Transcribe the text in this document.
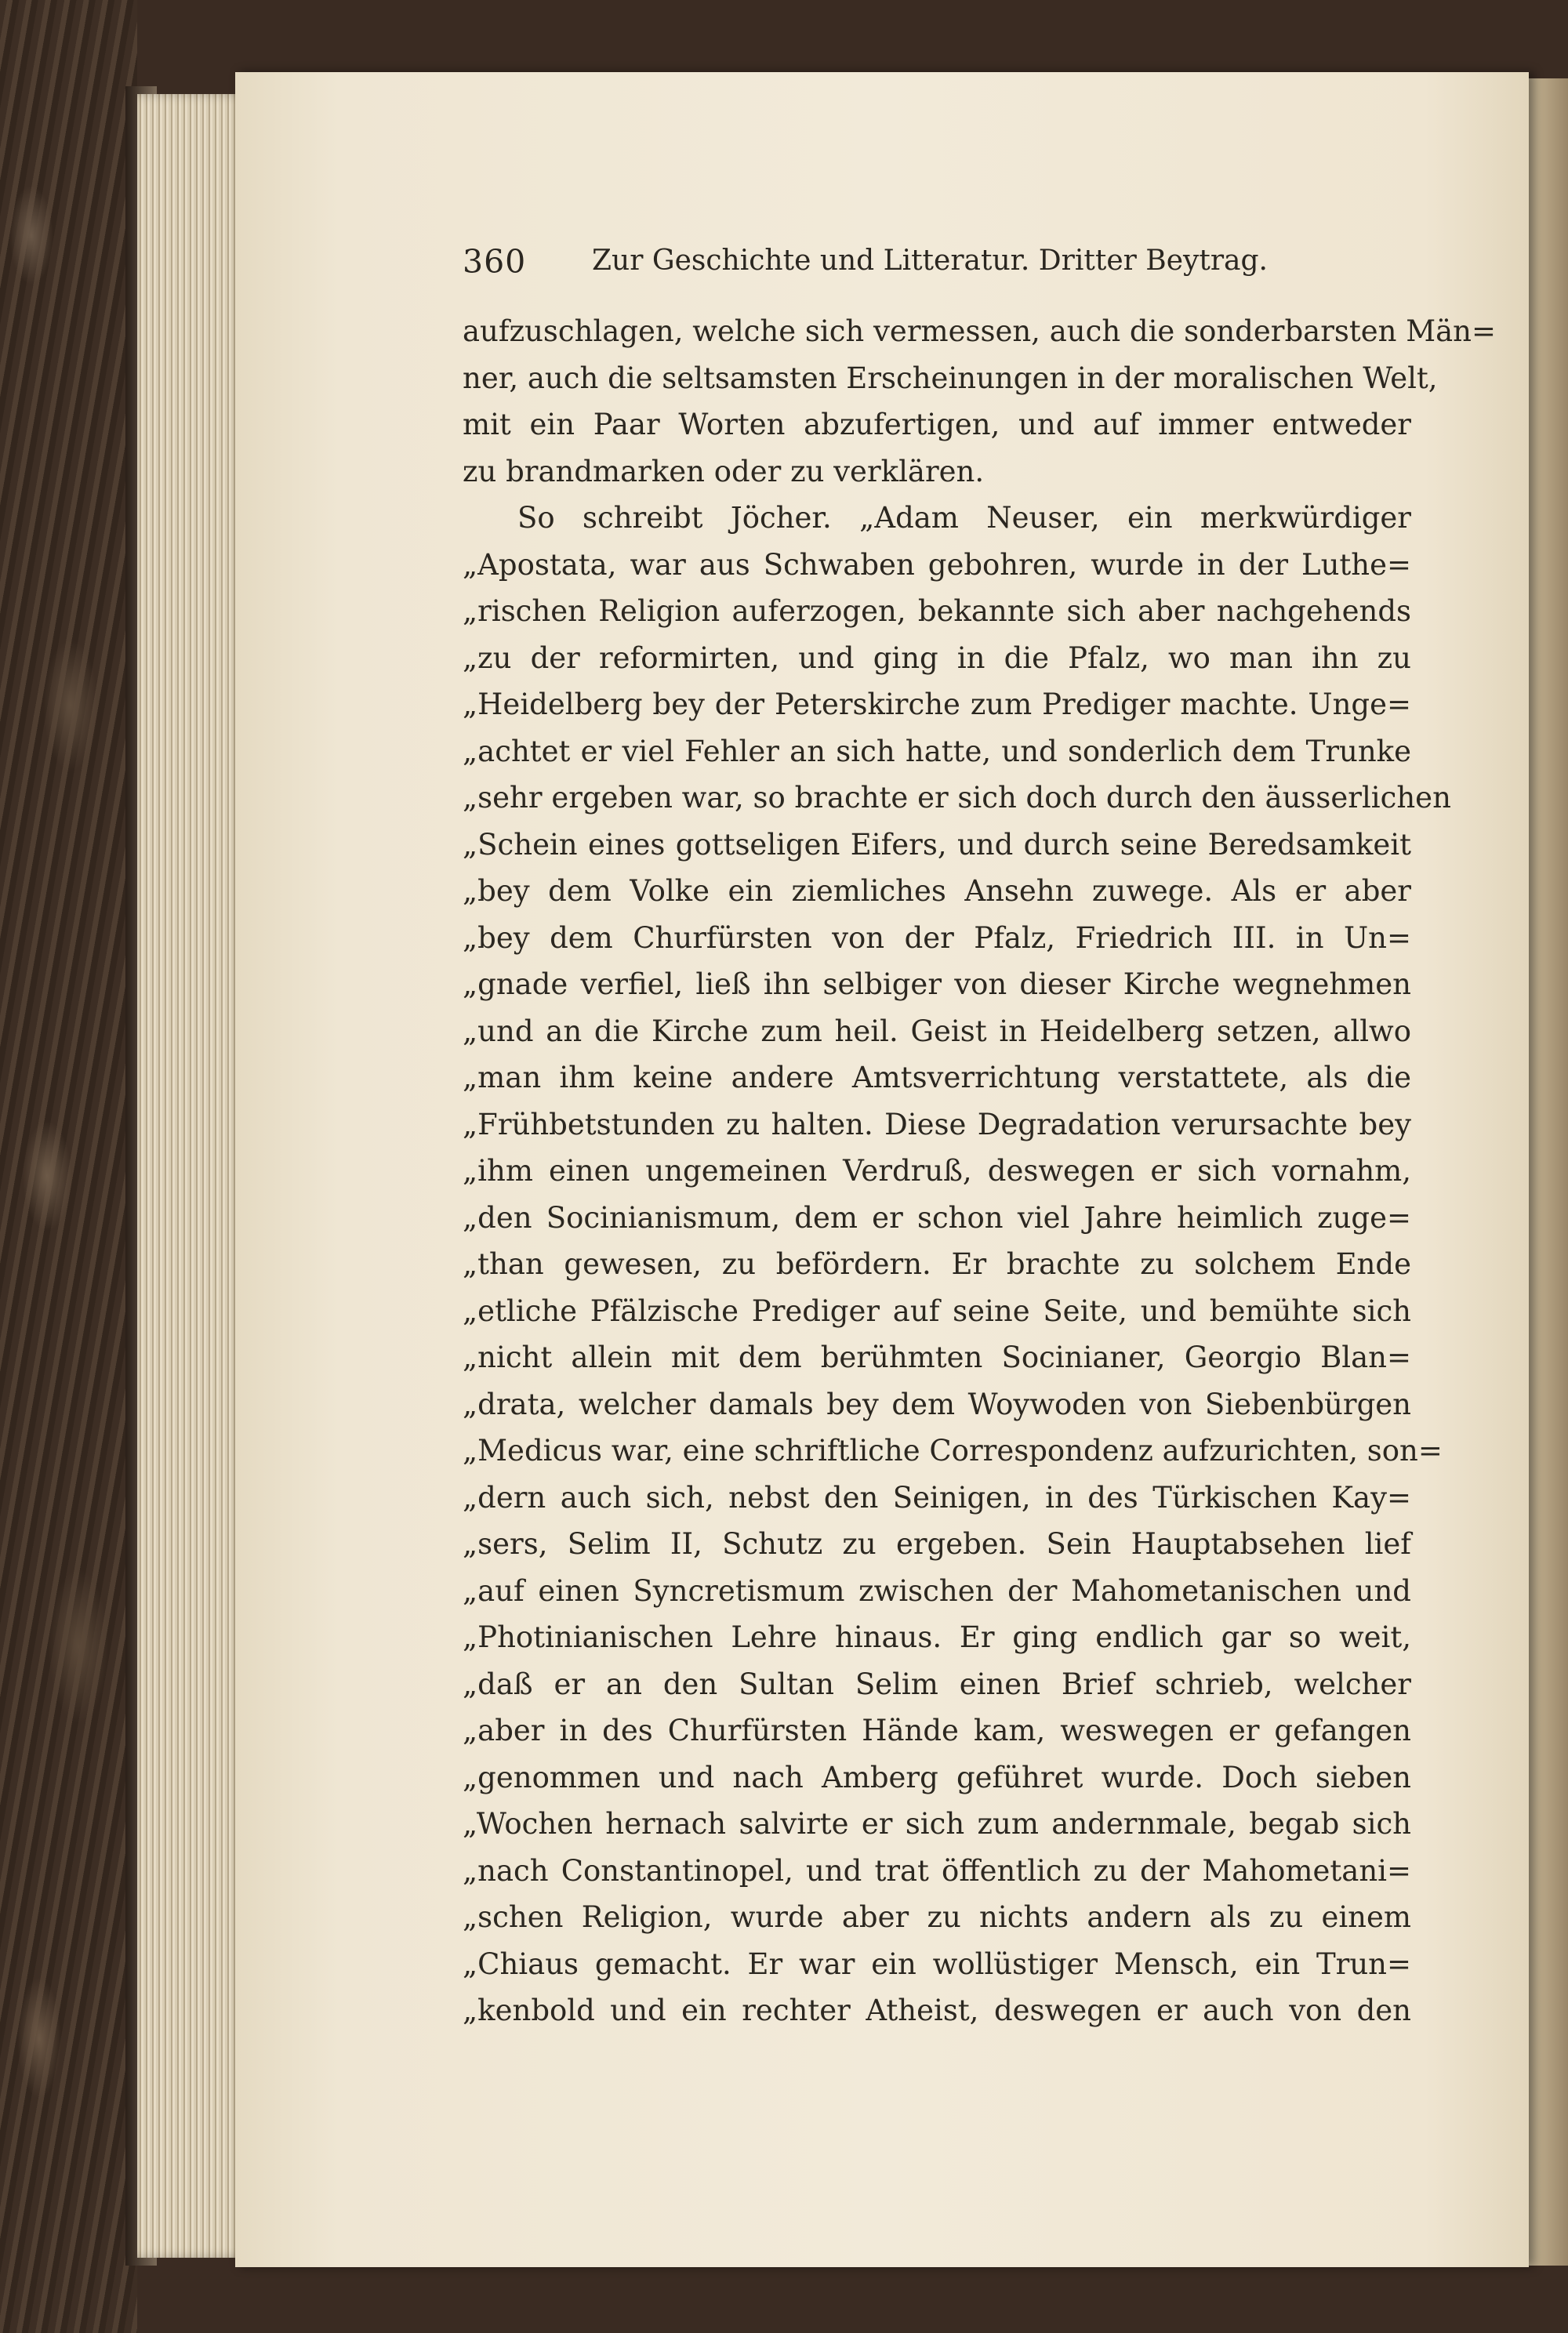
360 Zur Geschichte und Litteratur. Dritter Beytrag.
aufzuschlagen, welche sich vermessen, auch die sonderbarsten Män=
ner, auch die seltsamsten Erscheinungen in der moralischen Welt,
mit ein Paar Worten abzufertigen, und auf immer entweder
zu brandmarken oder zu verklären.
So schreibt Jöcher. „Adam Neuser, ein merkwürdiger
„Apostata, war aus Schwaben gebohren, wurde in der Luthe=
„rischen Religion auferzogen, bekannte sich aber nachgehends
„zu der reformirten, und ging in die Pfalz, wo man ihn zu
„Heidelberg bey der Peterskirche zum Prediger machte. Unge=
„achtet er viel Fehler an sich hatte, und sonderlich dem Trunke
„sehr ergeben war, so brachte er sich doch durch den äusserlichen
„Schein eines gottseligen Eifers, und durch seine Beredsamkeit
„bey dem Volke ein ziemliches Ansehn zuwege. Als er aber
„bey dem Churfürsten von der Pfalz, Friedrich III. in Un=
„gnade verfiel, ließ ihn selbiger von dieser Kirche wegnehmen
„und an die Kirche zum heil. Geist in Heidelberg setzen, allwo
„man ihm keine andere Amtsverrichtung verstattete, als die
„Frühbetstunden zu halten. Diese Degradation verursachte bey
„ihm einen ungemeinen Verdruß, deswegen er sich vornahm,
„den Socinianismum, dem er schon viel Jahre heimlich zuge=
„than gewesen, zu befördern. Er brachte zu solchem Ende
„etliche Pfälzische Prediger auf seine Seite, und bemühte sich
„nicht allein mit dem berühmten Socinianer, Georgio Blan=
„drata, welcher damals bey dem Woywoden von Siebenbürgen
„Medicus war, eine schriftliche Correspondenz aufzurichten, son=
„dern auch sich, nebst den Seinigen, in des Türkischen Kay=
„sers, Selim II, Schutz zu ergeben. Sein Hauptabsehen lief
„auf einen Syncretismum zwischen der Mahometanischen und
„Photinianischen Lehre hinaus. Er ging endlich gar so weit,
„daß er an den Sultan Selim einen Brief schrieb, welcher
„aber in des Churfürsten Hände kam, weswegen er gefangen
„genommen und nach Amberg geführet wurde. Doch sieben
„Wochen hernach salvirte er sich zum andernmale, begab sich
„nach Constantinopel, und trat öffentlich zu der Mahometani=
„schen Religion, wurde aber zu nichts andern als zu einem
„Chiaus gemacht. Er war ein wollüstiger Mensch, ein Trun=
„kenbold und ein rechter Atheist, deswegen er auch von den
